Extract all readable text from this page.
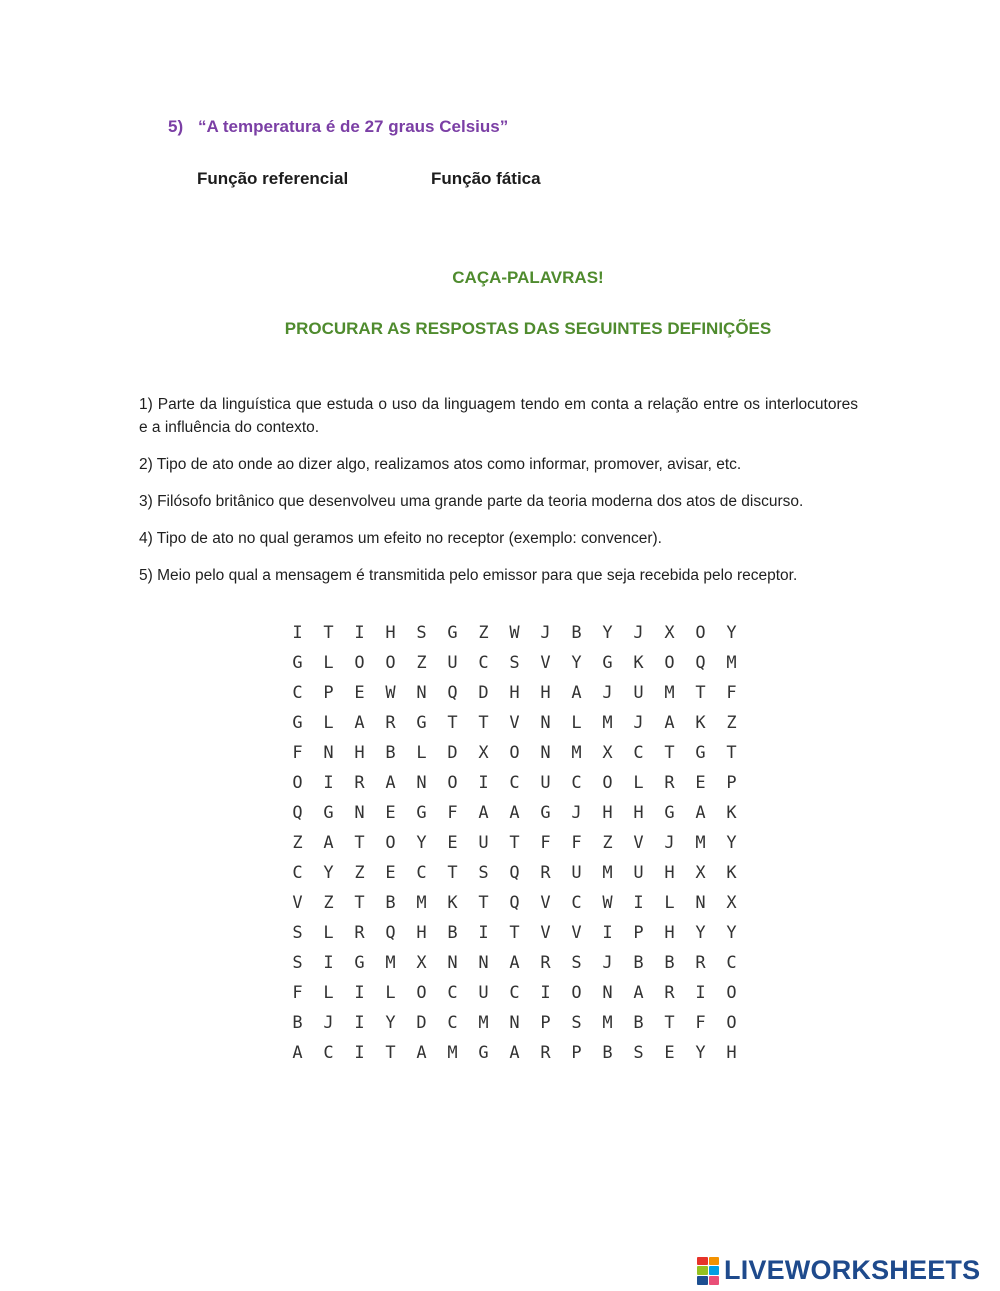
5) “A temperatura é de 27 graus Celsius”
Função referencial	Função fática
CAÇA-PALAVRAS!
PROCURAR AS RESPOSTAS DAS SEGUINTES DEFINIÇÕES

1) Parte da linguística que estuda o uso da linguagem tendo em conta a relação entre os interlocutores e a influência do contexto.

2) Tipo de ato onde ao dizer algo, realizamos atos como informar, promover, avisar, etc.

3) Filósofo britânico que desenvolveu uma grande parte da teoria moderna dos atos de discurso.

4) Tipo de ato no qual geramos um efeito no receptor (exemplo: convencer).

5) Meio pelo qual a mensagem é transmitida pelo emissor para que seja recebida pelo receptor.

I	T	I	H	S	G	Z	W	J	B	Y	J	X	O	Y
G	L	O	O	Z	U	C	S	V	Y	G	K	O	Q	M
C	P	E	W	N	Q	D	H	H	A	J	U	M	T	F
G	L	A	R	G	T	T	V	N	L	M	J	A	K	Z
F	N	H	B	L	D	X	O	N	M	X	C	T	G	T
O	I	R	A	N	O	I	C	U	C	O	L	R	E	P
Q	G	N	E	G	F	A	A	G	J	H	H	G	A	K
Z	A	T	O	Y	E	U	T	F	F	Z	V	J	M	Y
C	Y	Z	E	C	T	S	Q	R	U	M	U	H	X	K
V	Z	T	B	M	K	T	Q	V	C	W	I	L	N	X
S	L	R	Q	H	B	I	T	V	V	I	P	H	Y	Y
S	I	G	M	X	N	N	A	R	S	J	B	B	R	C
F	L	I	L	O	C	U	C	I	O	N	A	R	I	O
B	J	I	Y	D	C	M	N	P	S	M	B	T	F	O
A	C	I	T	A	M	G	A	R	P	B	S	E	Y	H
LIVEWORKSHEETS
